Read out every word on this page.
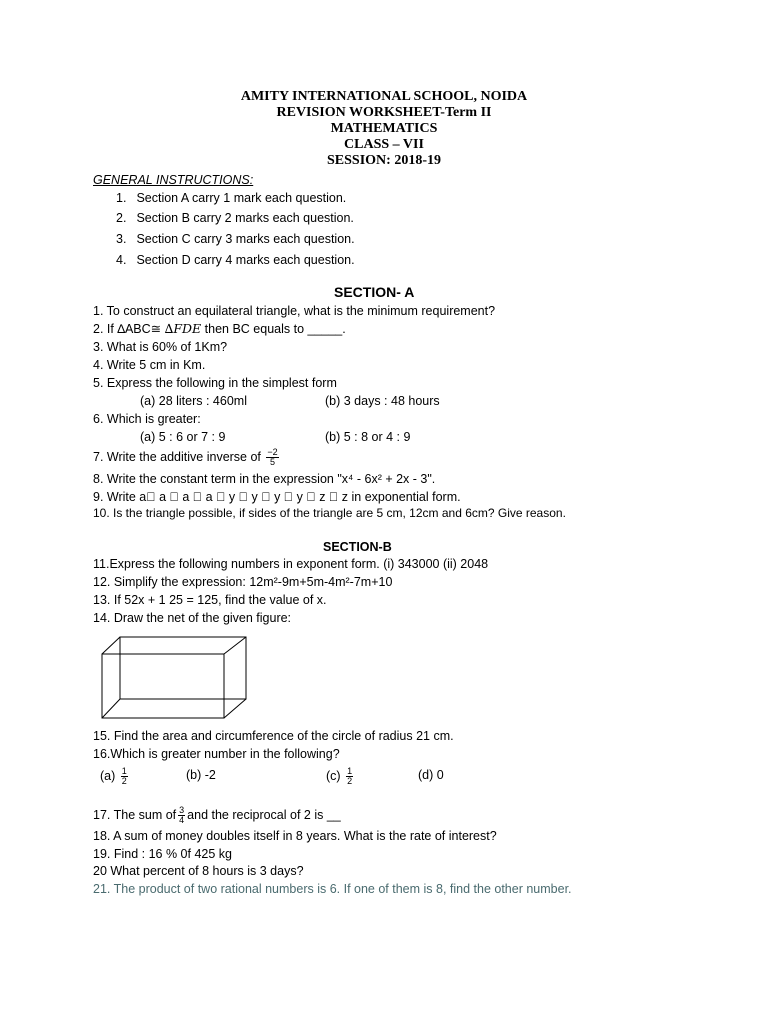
AMITY INTERNATIONAL SCHOOL, NOIDA
REVISION WORKSHEET-Term II
MATHEMATICS
CLASS – VII
SESSION: 2018-19
GENERAL INSTRUCTIONS:
1. Section A carry 1 mark each question.
2. Section B carry 2 marks each question.
3. Section C carry 3 marks each question.
4. Section D carry 4 marks each question.
SECTION- A
1. To construct an equilateral triangle, what is the minimum requirement?
2. If ∆ABC≅ ∆FDE then BC equals to _____.
3. What is 60% of 1Km?
4. Write 5 cm in Km.
5. Express the following in the simplest form
(a) 28 liters : 460ml	(b) 3 days : 48 hours
6. Which is greater:
(a) 5 : 6 or 7 : 9	(b) 5 : 8 or 4 : 9
7. Write the additive inverse of $\frac{-2}{5}$
8. Write the constant term in the expression "x⁴ - 6x² + 2x - 3".
9. Write a􀀀 a 􀀀 a 􀀀 a 􀀀 y 􀀀 y 􀀀 y 􀀀 y 􀀀 z 􀀀 z in exponential form.
10. Is the triangle possible, if sides of the triangle are 5 cm, 12cm and 6cm? Give reason.
SECTION-B
11.Express the following numbers in exponent form. (i) 343000 (ii) 2048
12. Simplify the expression: 12m²-9m+5m-4m²-7m+10
13. If 52x + 1 25 = 125, find the value of x.
14. Draw the net of the given figure:
15. Find the area and circumference of the circle of radius 21 cm.
16.Which is greater number in the following?
$(a) \frac{1}{2}$	(b) -2	$(c) \frac{1}{2}$	(d) 0
17. The sum of $\frac{3}{4}$ and the reciprocal of 2 is __
18. A sum of money doubles itself in 8 years. What is the rate of interest?
19. Find : 16 % 0f 425 kg
20 What percent of 8 hours is 3 days?
21. The product of two rational numbers is 6. If one of them is 8, find the other number.
